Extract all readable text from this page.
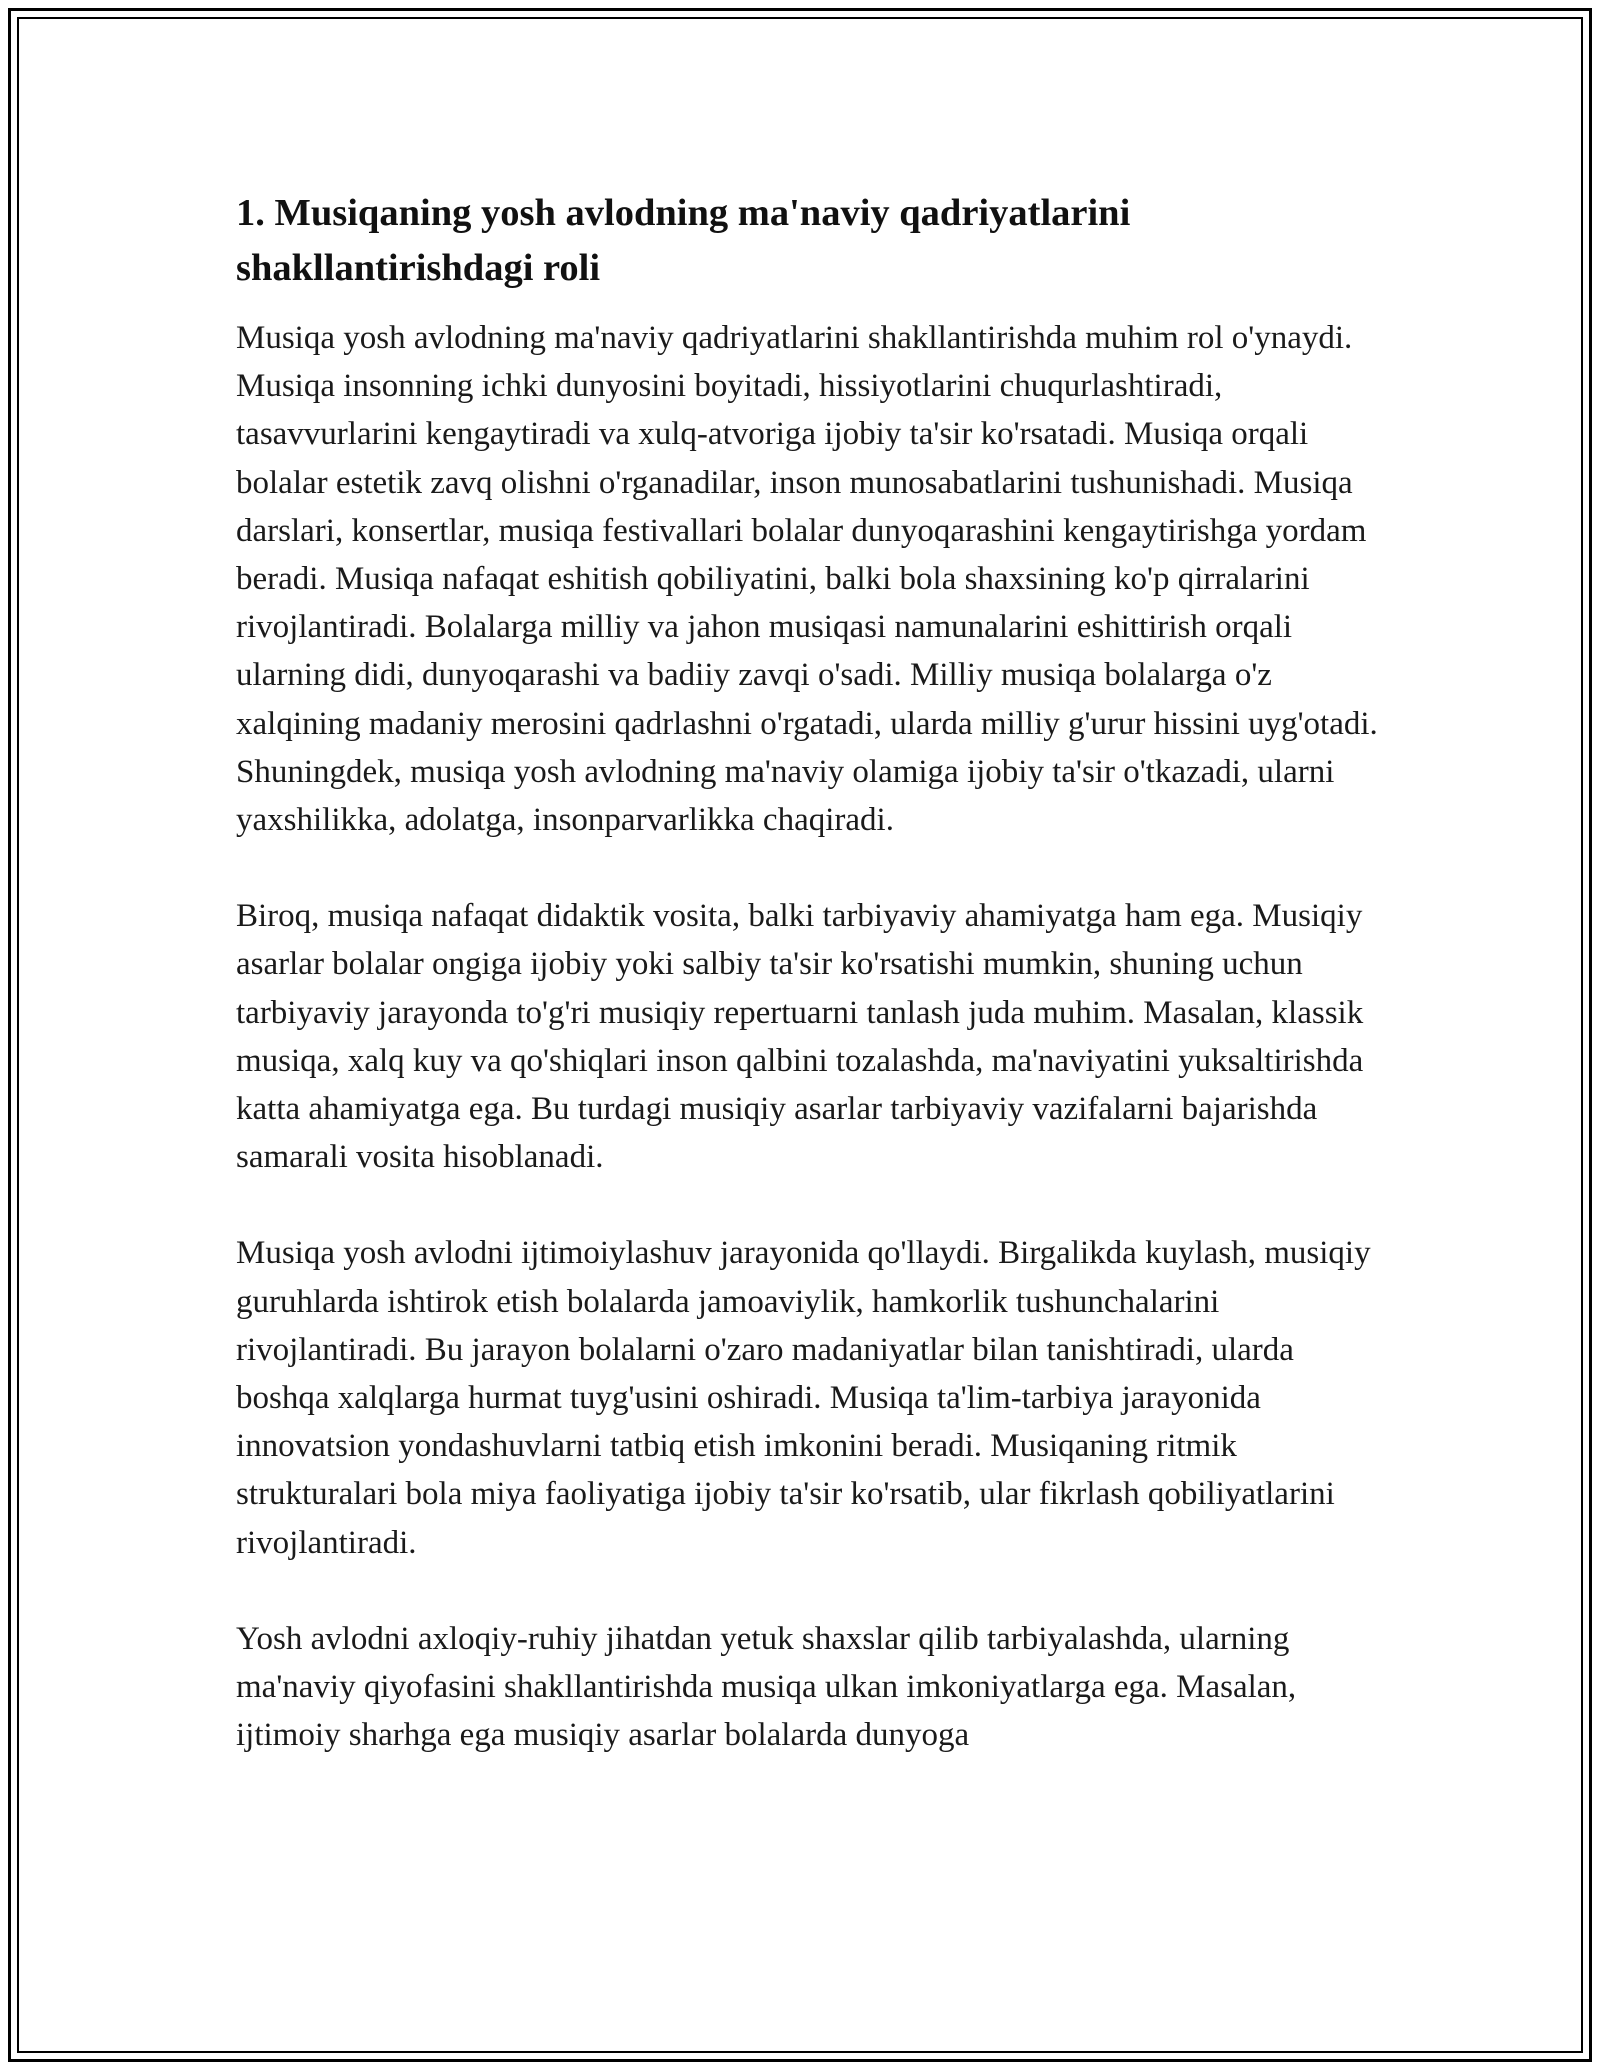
1. Musiqaning yosh avlodning ma'naviy qadriyatlarini shakllantirishdagi roli

Musiqa yosh avlodning ma'naviy qadriyatlarini shakllantirishda muhim rol o'ynaydi. Musiqa insonning ichki dunyosini boyitadi, hissiyotlarini chuqurlashtiradi, tasavvurlarini kengaytiradi va xulq-atvoriga ijobiy ta'sir ko'rsatadi. Musiqa orqali bolalar estetik zavq olishni o'rganadilar, inson munosabatlarini tushunishadi. Musiqa darslari, konsertlar, musiqa festivallari bolalar dunyoqarashini kengaytirishga yordam beradi. Musiqa nafaqat eshitish qobiliyatini, balki bola shaxsining ko'p qirralarini rivojlantiradi. Bolalarga milliy va jahon musiqasi namunalarini eshittirish orqali ularning didi, dunyoqarashi va badiiy zavqi o'sadi. Milliy musiqa bolalarga o'z xalqining madaniy merosini qadrlashni o'rgatadi, ularda milliy g'urur hissini uyg'otadi. Shuningdek, musiqa yosh avlodning ma'naviy olamiga ijobiy ta'sir o'tkazadi, ularni yaxshilikka, adolatga, insonparvarlikka chaqiradi.

Biroq, musiqa nafaqat didaktik vosita, balki tarbiyaviy ahamiyatga ham ega. Musiqiy asarlar bolalar ongiga ijobiy yoki salbiy ta'sir ko'rsatishi mumkin, shuning uchun tarbiyaviy jarayonda to'g'ri musiqiy repertuarni tanlash juda muhim. Masalan, klassik musiqa, xalq kuy va qo'shiqlari inson qalbini tozalashda, ma'naviyatini yuksaltirishda katta ahamiyatga ega. Bu turdagi musiqiy asarlar tarbiyaviy vazifalarni bajarishda samarali vosita hisoblanadi.

Musiqa yosh avlodni ijtimoiylashuv jarayonida qo'llaydi. Birgalikda kuylash, musiqiy guruhlarda ishtirok etish bolalarda jamoaviylik, hamkorlik tushunchalarini rivojlantiradi. Bu jarayon bolalarni o'zaro madaniyatlar bilan tanishtiradi, ularda boshqa xalqlarga hurmat tuyg'usini oshiradi. Musiqa ta'lim-tarbiya jarayonida innovatsion yondashuvlarni tatbiq etish imkonini beradi. Musiqaning ritmik strukturalari bola miya faoliyatiga ijobiy ta'sir ko'rsatib, ular fikrlash qobiliyatlarini rivojlantiradi.

Yosh avlodni axloqiy-ruhiy jihatdan yetuk shaxslar qilib tarbiyalashda, ularning ma'naviy qiyofasini shakllantirishda musiqa ulkan imkoniyatlarga ega. Masalan, ijtimoiy sharhga ega musiqiy asarlar bolalarda dunyoga
